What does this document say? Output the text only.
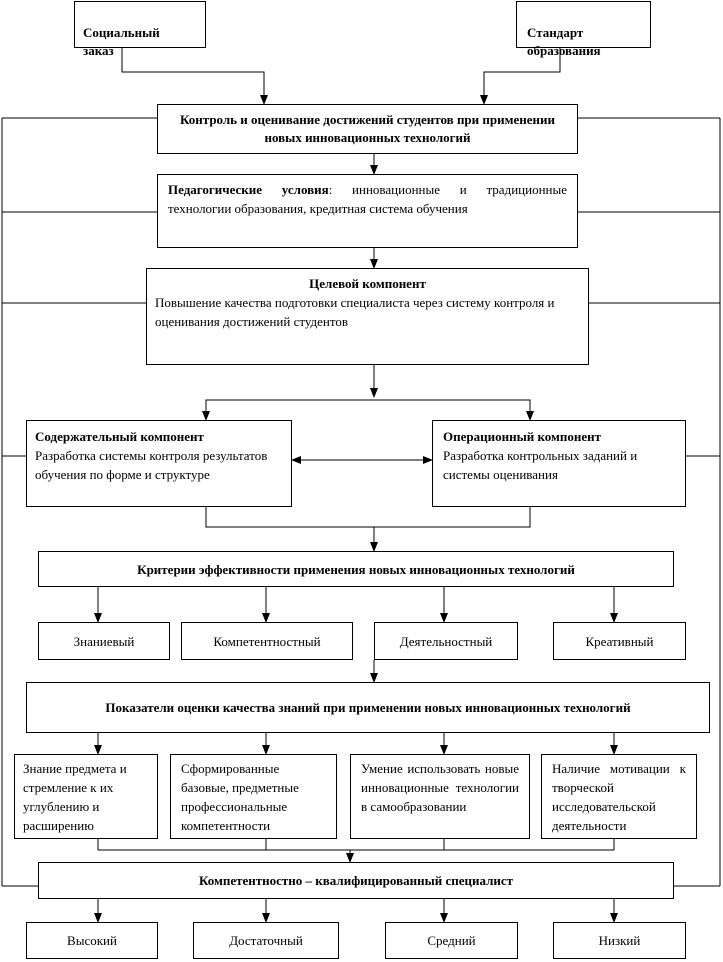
Социальный
заказ

Стандарт
образования

Контроль и оценивание достижений студентов при применении новых инновационных технологий
Педагогические условия: инновационные и традиционные технологии образования, кредитная система обучения
Целевой компонент
Повышение качества подготовки специалиста через систему контроля и оценивания достижений студентов
Содержательный компонент
Разработка системы контроля результатов обучения по форме и структуре
Операционный компонент
Разработка контрольных заданий и системы оценивания
Критерии эффективности применения новых инновационных технологий
Знаниевый	Компетентностный	Деятельностный	Креативный
Показатели оценки качества знаний при применении новых инновационных технологий
Знание предмета и стремление к их углублению и расширению
Сформированные базовые, предметные профессиональные компетентности
Умение использовать новые инновационные технологии в самообразовании
Наличие мотивации к творческой исследовательской деятельности
Компетентностно – квалифицированный специалист
Высокий	Достаточный	Средний	Низкий
